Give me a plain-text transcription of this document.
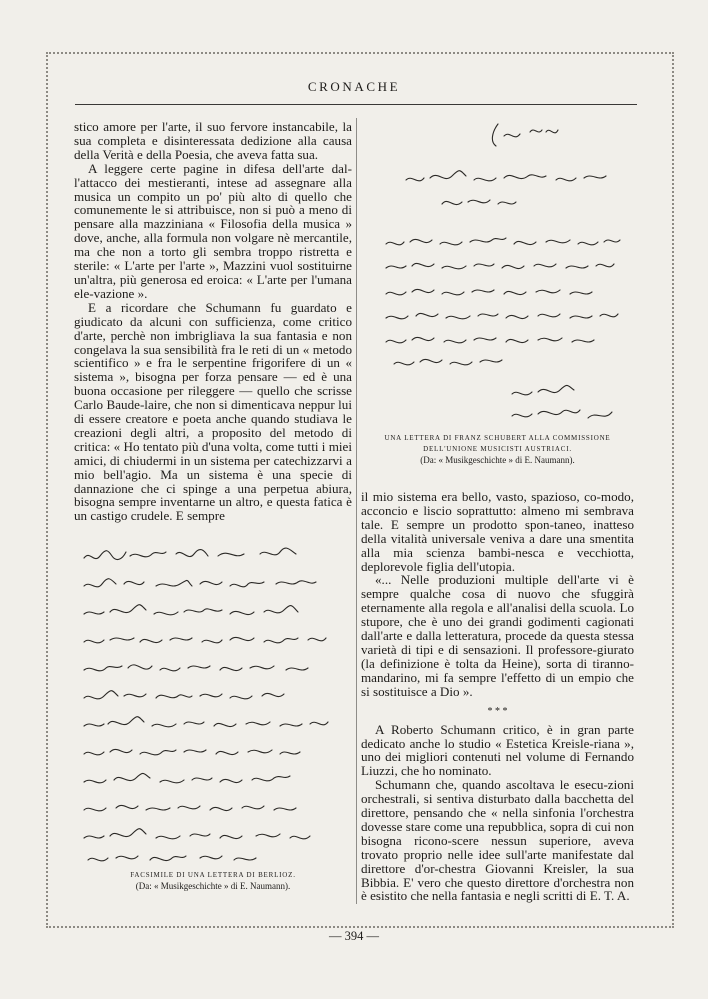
CRONACHE

stico amore per l'arte, il suo fervore instancabile, la sua completa e disinteressata dedizione alla causa della Verità e della Poesia, che aveva fatta sua.

A leggere certe pagine in difesa dell'arte dal-l'attacco dei mestieranti, intese ad assegnare alla musica un compito un po' più alto di quello che comunemente le si attribuisce, non si può a meno di pensare alla mazziniana « Filosofia della musica » dove, anche, alla formula non volgare nè mercantile, ma che non a torto gli sembra troppo ristretta e sterile: « L'arte per l'arte », Mazzini vuol sostituirne un'altra, più generosa ed eroica: « L'arte per l'umana ele-vazione ».

E a ricordare che Schumann fu guardato e giudicato da alcuni con sufficienza, come critico d'arte, perchè non imbrigliava la sua fantasia e non congelava la sua sensibilità fra le reti di un « metodo scientifico » e fra le serpentine frigorifere di un « sistema », bisogna per forza pensare — ed è una buona occasione per rileggere — quello che scrisse Carlo Baude-laire, che non si dimenticava neppur lui di essere creatore e poeta anche quando studiava le creazioni degli altri, a proposito del metodo di critica: « Ho tentato più d'una volta, come tutti i miei amici, di chiudermi in un sistema per catechizzarvi a mio bell'agio. Ma un sistema è una specie di dannazione che ci spinge a una perpetua abiura, bisogna sempre inventarne un altro, e questa fatica è un castigo crudele. E sempre

FACSIMILE DI UNA LETTERA DI BERLIOZ.
(Da: « Musikgeschichte » di E. Naumann).
UNA LETTERA DI FRANZ SCHUBERT ALLA COMMISSIONE DELL'UNIONE MUSICISTI AUSTRIACI.
(Da: « Musikgeschichte » di E. Naumann).

il mio sistema era bello, vasto, spazioso, co-modo, acconcio e liscio soprattutto: almeno mi sembrava tale. E sempre un prodotto spon-taneo, inatteso della vitalità universale veniva a dare una smentita alla mia scienza bambi-nesca e vecchiotta, deplorevole figlia dell'utopia.

«... Nelle produzioni multiple dell'arte vi è sempre qualche cosa di nuovo che sfuggirà eternamente alla regola e all'analisi della scuola. Lo stupore, che è uno dei grandi godimenti cagionati dall'arte e dalla letteratura, procede da questa stessa varietà di tipi e di sensazioni. Il professore-giurato (la definizione è tolta da Heine), sorta di tiranno-mandarino, mi fa sempre l'effetto di un empio che si sostituisce a Dio ».

* * *

A Roberto Schumann critico, è in gran parte dedicato anche lo studio « Estetica Kreisle-riana », uno dei migliori contenuti nel volume di Fernando Liuzzi, che ho nominato.

Schumann che, quando ascoltava le esecu-zioni orchestrali, si sentiva disturbato dalla bacchetta del direttore, pensando che « nella sinfonia l'orchestra dovesse stare come una repubblica, sopra di cui non bisogna ricono-scere nessun superiore, aveva trovato proprio nelle idee sull'arte manifestate dal direttore d'or-chestra Giovanni Kreisler, la sua Bibbia. E' vero che questo direttore d'orchestra non è esistito che nella fantasia e negli scritti di E. T. A.

— 394 —
